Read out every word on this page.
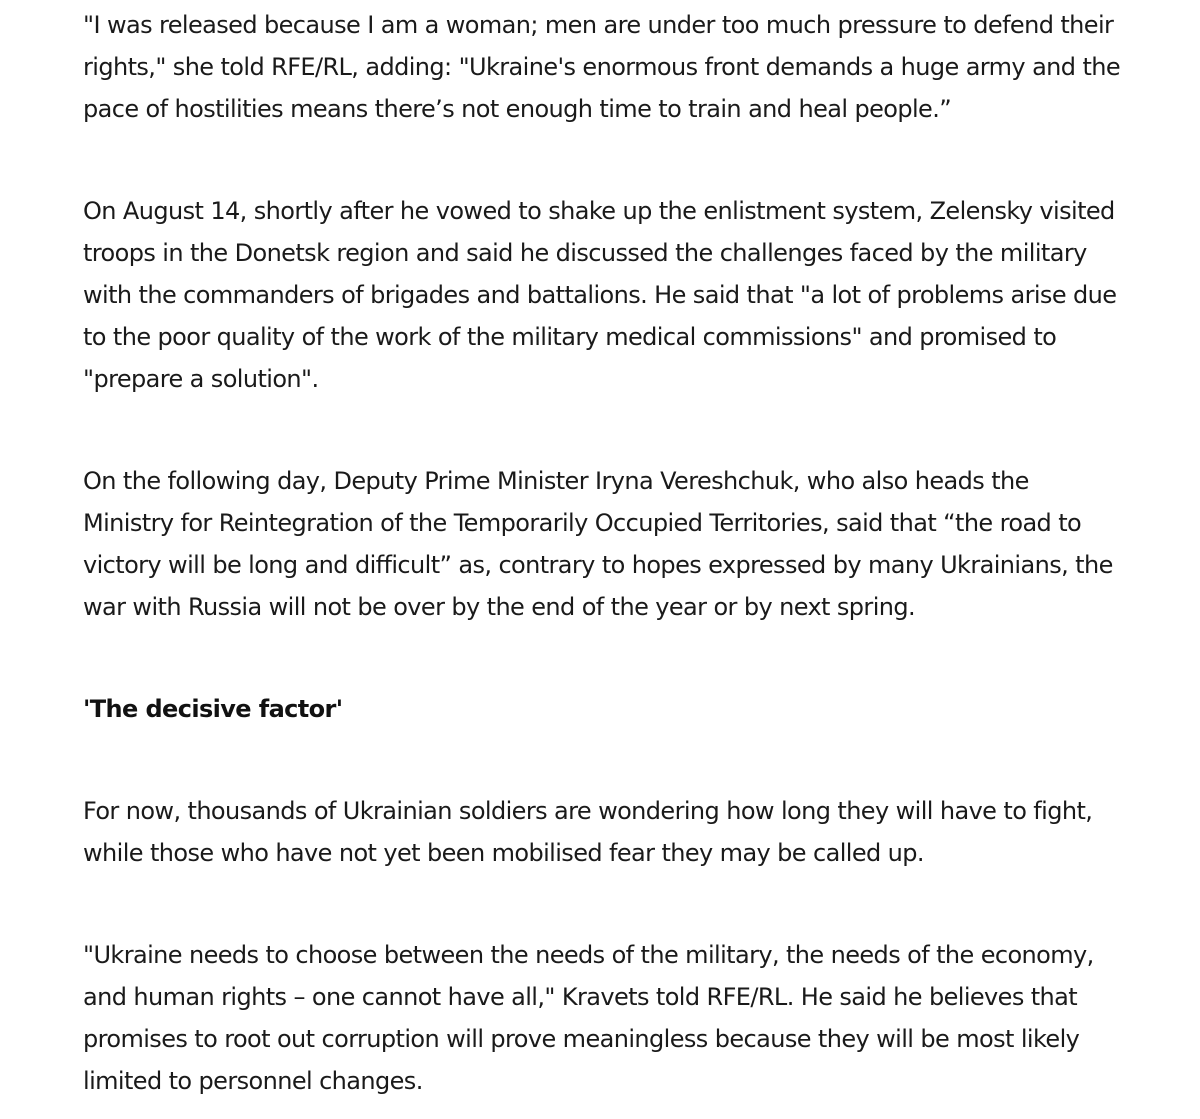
"I was released because I am a woman; men are under too much pressure to defend their rights," she told RFE/RL, adding: "Ukraine's enormous front demands a huge army and the pace of hostilities means there’s not enough time to train and heal people.”

On August 14, shortly after he vowed to shake up the enlistment system, Zelensky visited troops in the Donetsk region and said he discussed the challenges faced by the military with the commanders of brigades and battalions. He said that "a lot of problems arise due to the poor quality of the work of the military medical commissions" and promised to "prepare a solution".

On the following day, Deputy Prime Minister Iryna Vereshchuk, who also heads the Ministry for Reintegration of the Temporarily Occupied Territories, said that “the road to victory will be long and difficult” as, contrary to hopes expressed by many Ukrainians, the war with Russia will not be over by the end of the year or by next spring.

'The decisive factor'

For now, thousands of Ukrainian soldiers are wondering how long they will have to fight, while those who have not yet been mobilised fear they may be called up.

"Ukraine needs to choose between the needs of the military, the needs of the economy, and human rights – one cannot have all," Kravets told RFE/RL. He said he believes that promises to root out corruption will prove meaningless because they will be most likely limited to personnel changes.
